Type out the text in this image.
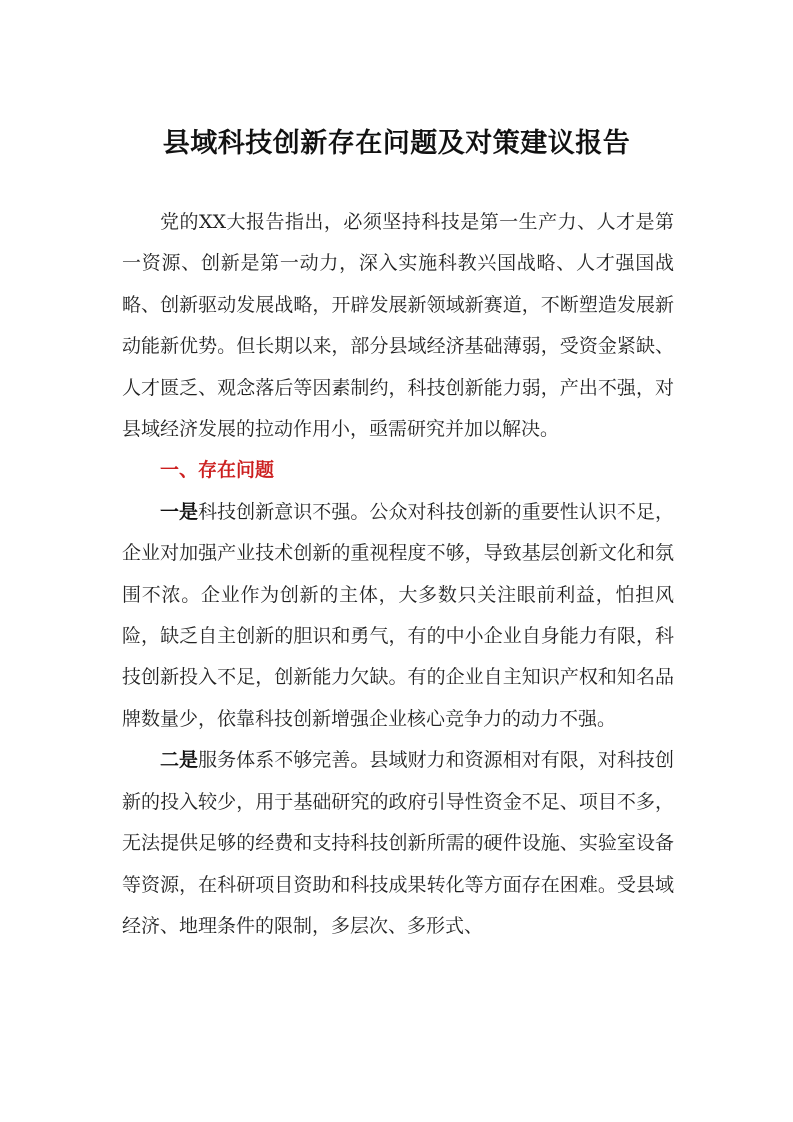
县域科技创新存在问题及对策建议报告

党的XX大报告指出，必须坚持科技是第一生产力、人才是第一资源、创新是第一动力，深入实施科教兴国战略、人才强国战略、创新驱动发展战略，开辟发展新领域新赛道，不断塑造发展新动能新优势。但长期以来，部分县域经济基础薄弱，受资金紧缺、人才匮乏、观念落后等因素制约，科技创新能力弱，产出不强，对县域经济发展的拉动作用小，亟需研究并加以解决。

一、存在问题

一是科技创新意识不强。公众对科技创新的重要性认识不足，企业对加强产业技术创新的重视程度不够，导致基层创新文化和氛围不浓。企业作为创新的主体，大多数只关注眼前利益，怕担风险，缺乏自主创新的胆识和勇气，有的中小企业自身能力有限，科技创新投入不足，创新能力欠缺。有的企业自主知识产权和知名品牌数量少，依靠科技创新增强企业核心竞争力的动力不强。

二是服务体系不够完善。县域财力和资源相对有限，对科技创新的投入较少，用于基础研究的政府引导性资金不足、项目不多，无法提供足够的经费和支持科技创新所需的硬件设施、实验室设备等资源，在科研项目资助和科技成果转化等方面存在困难。受县域经济、地理条件的限制，多层次、多形式、
